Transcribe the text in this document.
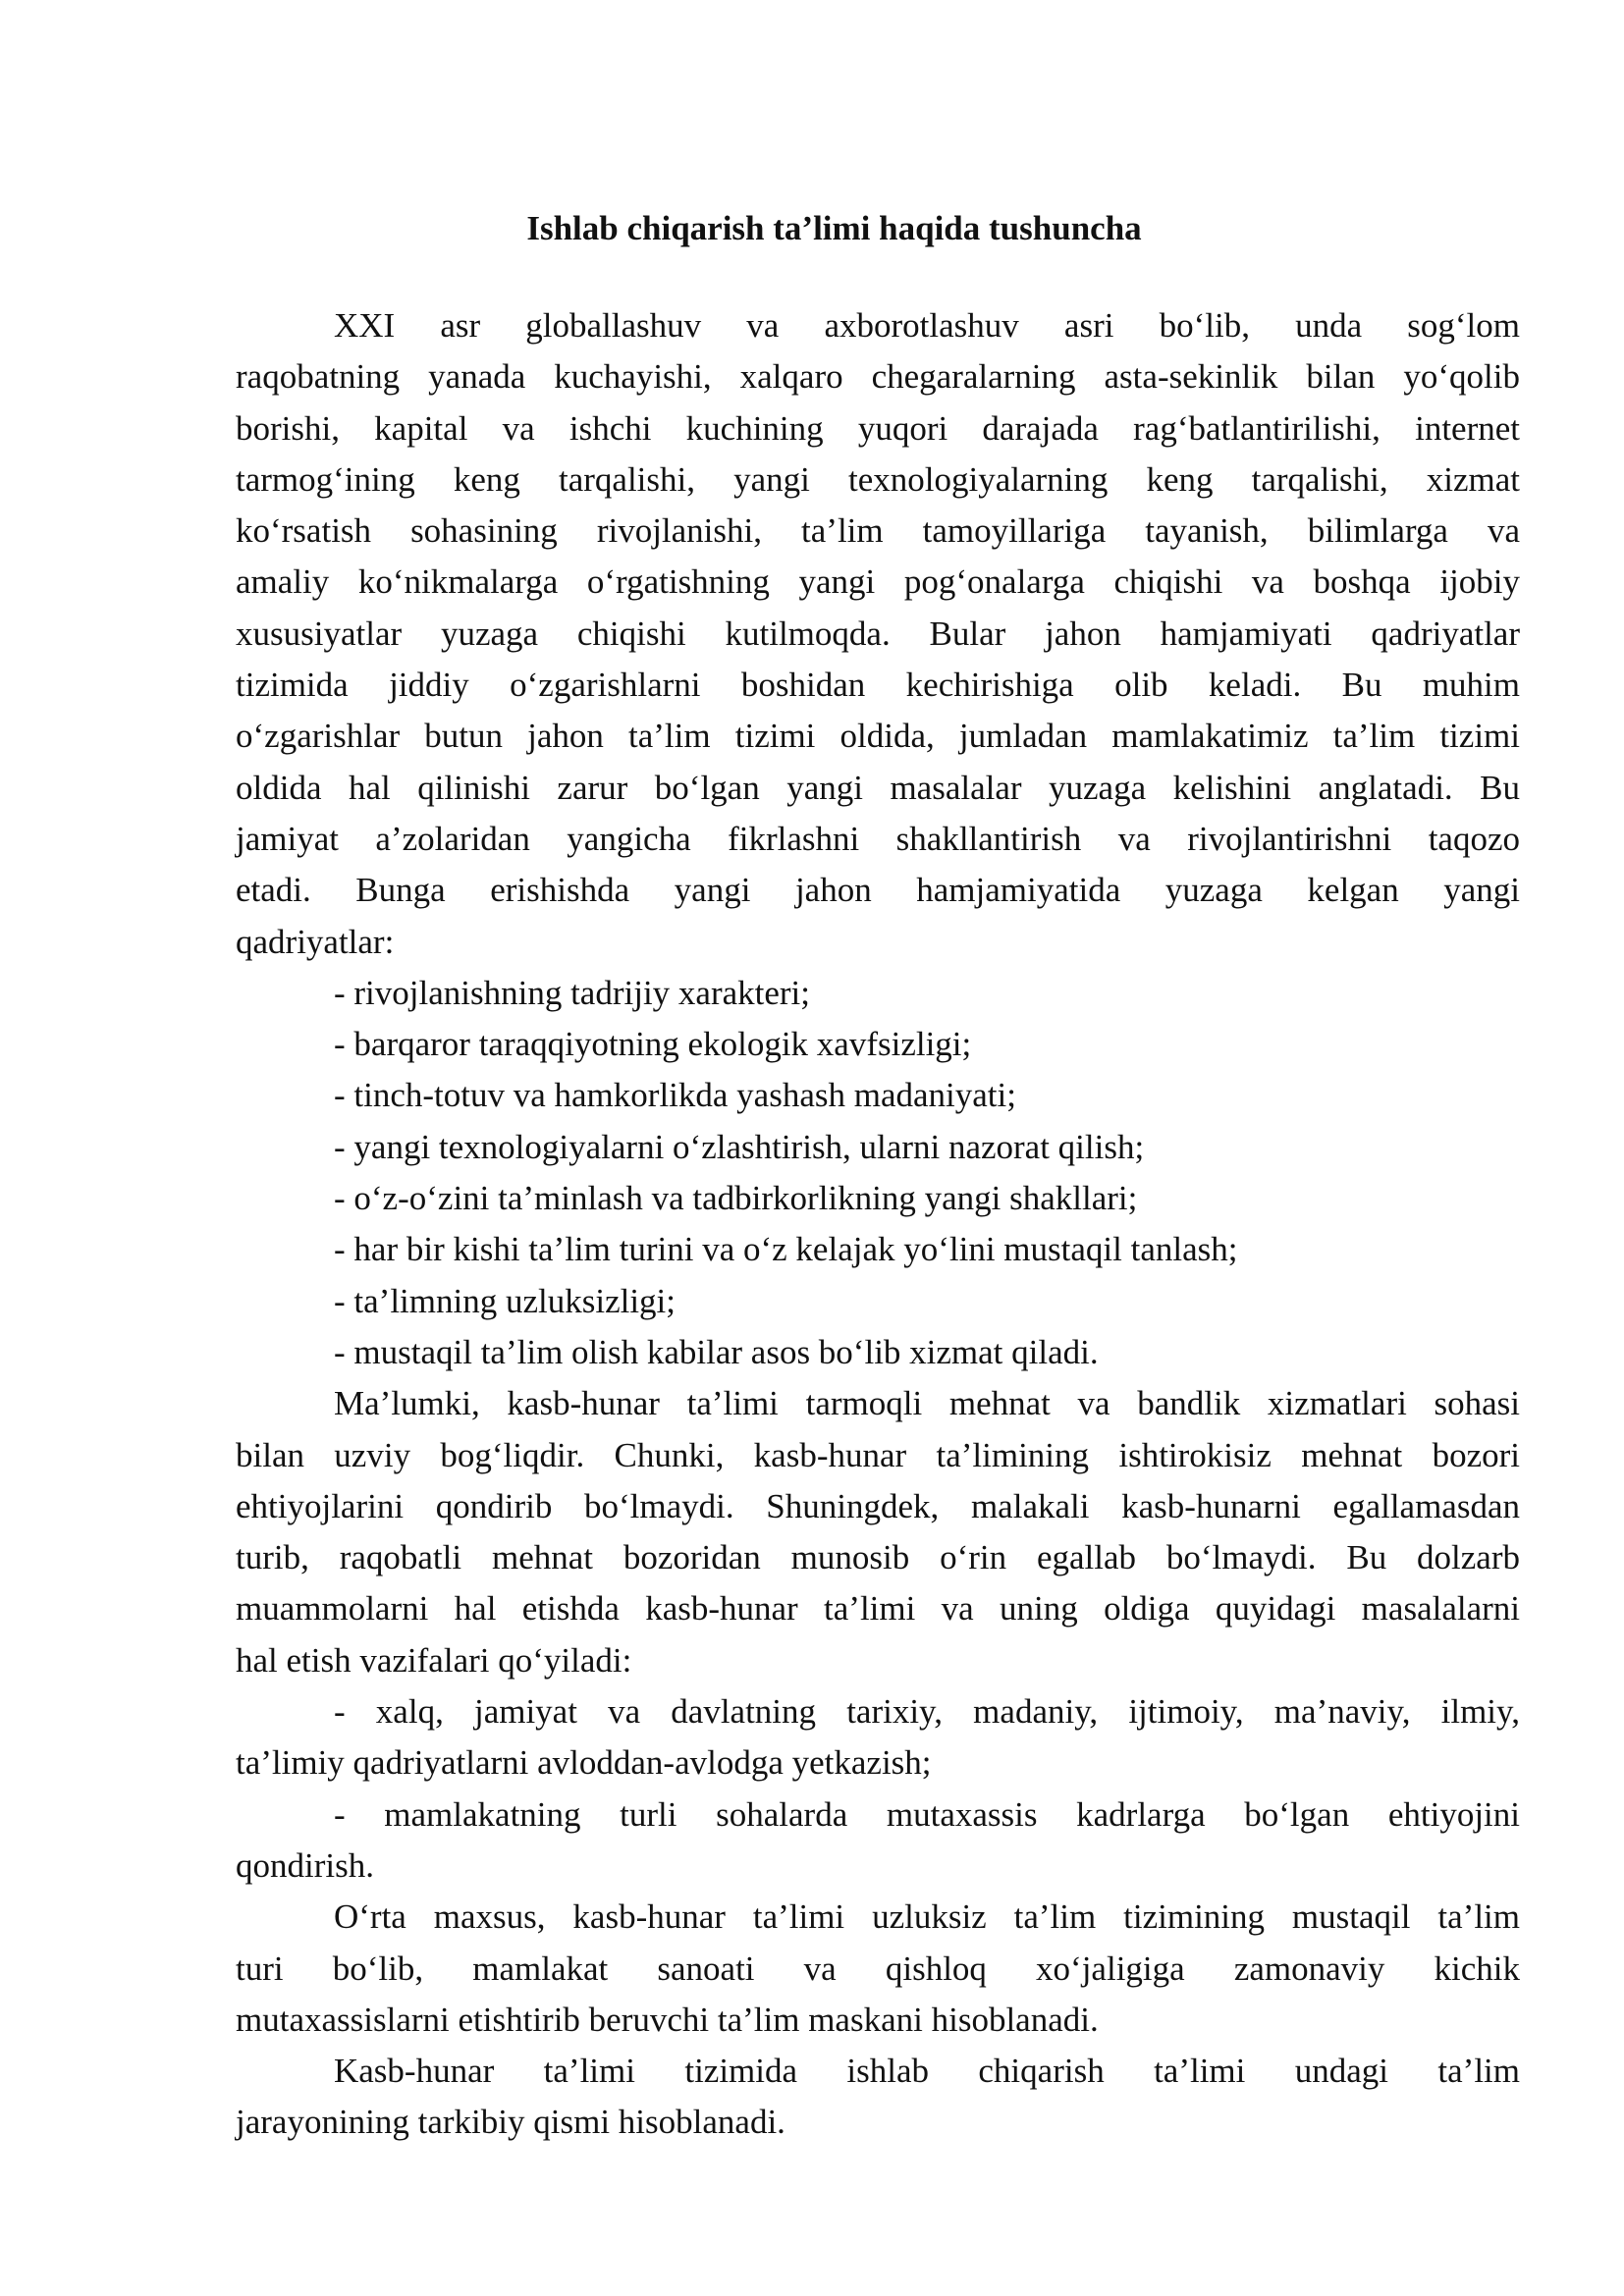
Ishlab chiqarish ta’limi haqida tushuncha
XXI asr globallashuv va axborotlashuv asri bo‘lib, unda sog‘lom
raqobatning yanada kuchayishi, xalqaro chegaralarning asta-sekinlik bilan yo‘qolib
borishi, kapital va ishchi kuchining yuqori darajada rag‘batlantirilishi, internet
tarmog‘ining keng tarqalishi, yangi texnologiyalarning keng tarqalishi, xizmat
ko‘rsatish sohasining rivojlanishi, ta’lim tamoyillariga tayanish, bilimlarga va
amaliy ko‘nikmalarga o‘rgatishning yangi pog‘onalarga chiqishi va boshqa ijobiy
xususiyatlar yuzaga chiqishi kutilmoqda. Bular jahon hamjamiyati qadriyatlar
tizimida jiddiy o‘zgarishlarni boshidan kechirishiga olib keladi. Bu muhim
o‘zgarishlar butun jahon ta’lim tizimi oldida, jumladan mamlakatimiz ta’lim tizimi
oldida hal qilinishi zarur bo‘lgan yangi masalalar yuzaga kelishini anglatadi. Bu
jamiyat a’zolaridan yangicha fikrlashni shakllantirish va rivojlantirishni taqozo
etadi. Bunga erishishda yangi jahon hamjamiyatida yuzaga kelgan yangi
qadriyatlar:
- rivojlanishning tadrijiy xarakteri;
- barqaror taraqqiyotning ekologik xavfsizligi;
- tinch-totuv va hamkorlikda yashash madaniyati;
- yangi texnologiyalarni o‘zlashtirish, ularni nazorat qilish;
- o‘z-o‘zini ta’minlash va tadbirkorlikning yangi shakllari;
- har bir kishi ta’lim turini va o‘z kelajak yo‘lini mustaqil tanlash;
- ta’limning uzluksizligi;
- mustaqil ta’lim olish kabilar asos bo‘lib xizmat qiladi.
Ma’lumki, kasb-hunar ta’limi tarmoqli mehnat va bandlik xizmatlari sohasi
bilan uzviy bog‘liqdir. Chunki, kasb-hunar ta’limining ishtirokisiz mehnat bozori
ehtiyojlarini qondirib bo‘lmaydi. Shuningdek, malakali kasb-hunarni egallamasdan
turib, raqobatli mehnat bozoridan munosib o‘rin egallab bo‘lmaydi. Bu dolzarb
muammolarni hal etishda kasb-hunar ta’limi va uning oldiga quyidagi masalalarni
hal etish vazifalari qo‘yiladi:
- xalq, jamiyat va davlatning tarixiy, madaniy, ijtimoiy, ma’naviy, ilmiy,
ta’limiy qadriyatlarni avloddan-avlodga yetkazish;
- mamlakatning turli sohalarda mutaxassis kadrlarga bo‘lgan ehtiyojini
qondirish.
O‘rta maxsus, kasb-hunar ta’limi uzluksiz ta’lim tizimining mustaqil ta’lim
turi bo‘lib, mamlakat sanoati va qishloq xo‘jaligiga zamonaviy kichik
mutaxassislarni etishtirib beruvchi ta’lim maskani hisoblanadi.
Kasb-hunar ta’limi tizimida ishlab chiqarish ta’limi undagi ta’lim
jarayonining tarkibiy qismi hisoblanadi.
